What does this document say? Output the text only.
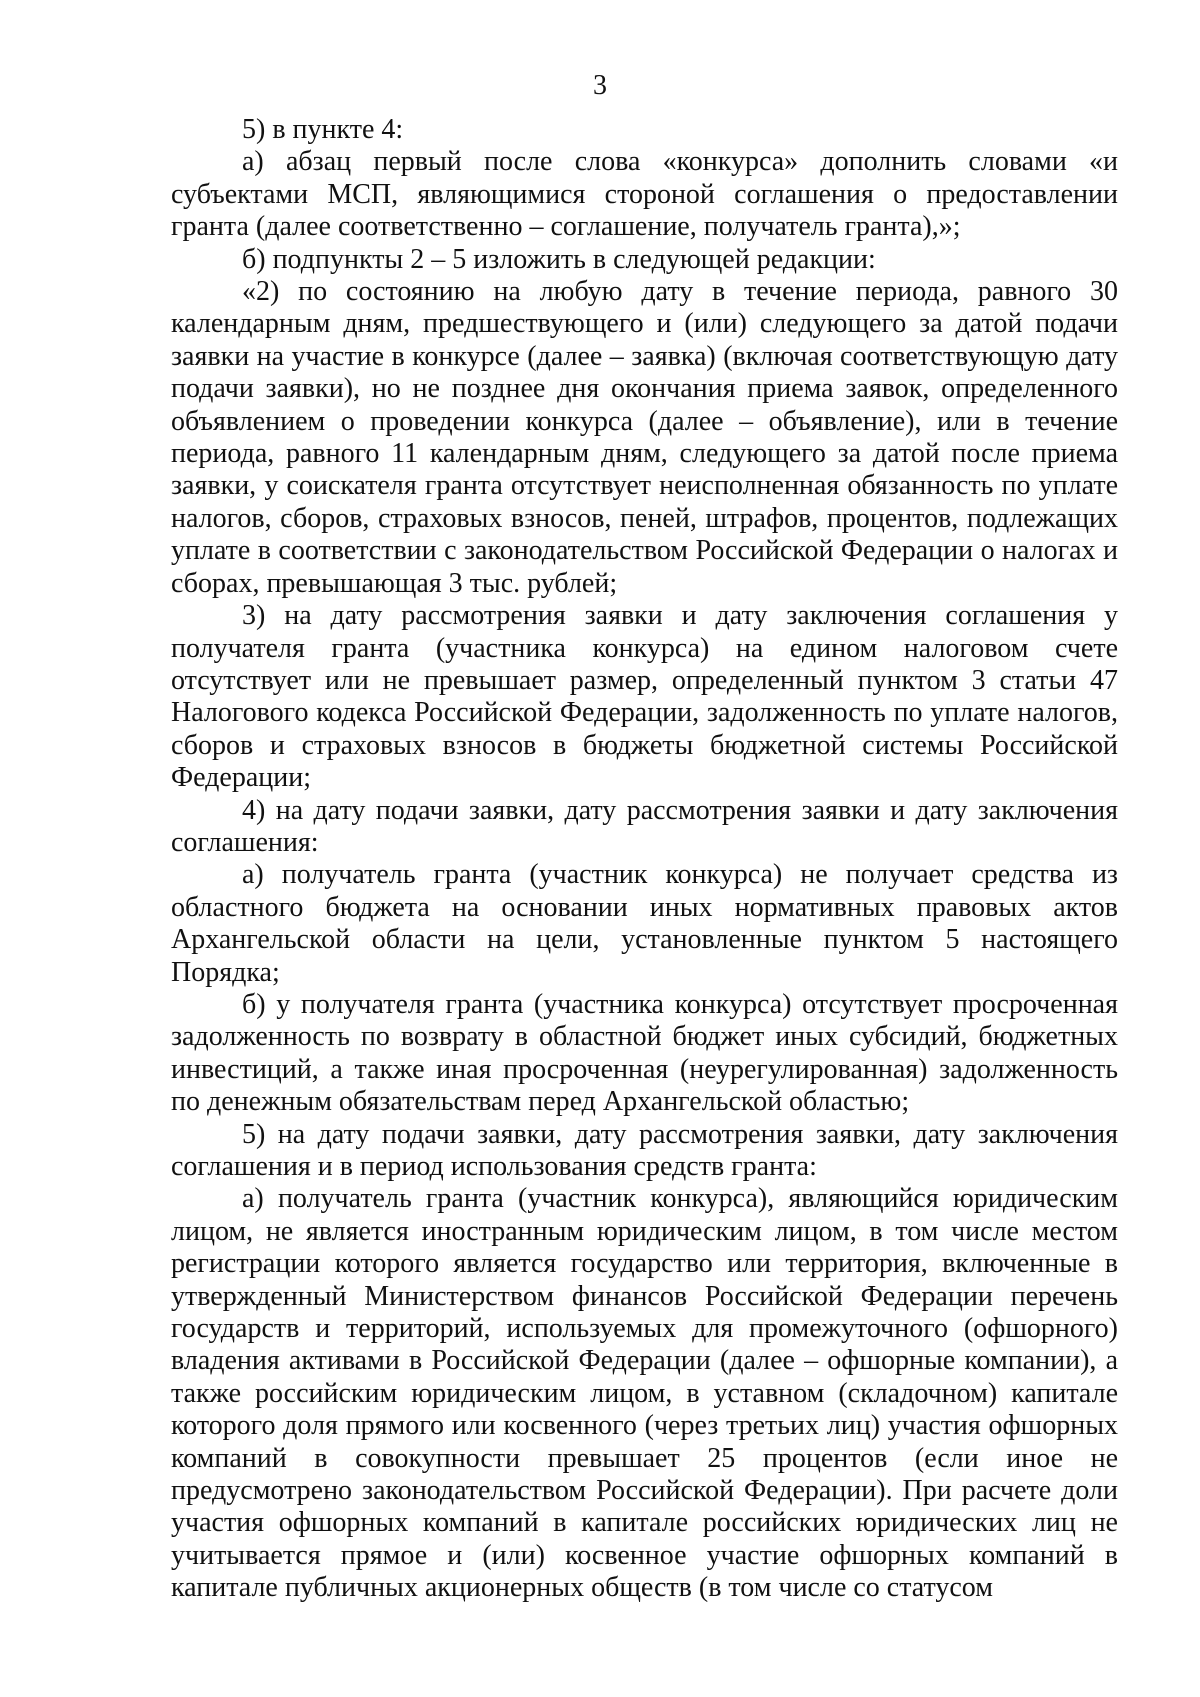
3

5) в пункте 4:

а) абзац первый после слова «конкурса» дополнить словами «и субъектами МСП, являющимися стороной соглашения о предоставлении гранта (далее соответственно – соглашение, получатель гранта),»;

б) подпункты 2 – 5 изложить в следующей редакции:

«2) по состоянию на любую дату в течение периода, равного 30 календарным дням, предшествующего и (или) следующего за датой подачи заявки на участие в конкурсе (далее – заявка) (включая соответствующую дату подачи заявки), но не позднее дня окончания приема заявок, определенного объявлением о проведении конкурса (далее – объявление), или в течение периода, равного 11 календарным дням, следующего за датой после приема заявки, у соискателя гранта отсутствует неисполненная обязанность по уплате налогов, сборов, страховых взносов, пеней, штрафов, процентов, подлежащих уплате в соответствии с законодательством Российской Федерации о налогах и сборах, превышающая 3 тыс. рублей;

3) на дату рассмотрения заявки и дату заключения соглашения у получателя гранта (участника конкурса) на едином налоговом счете отсутствует или не превышает размер, определенный пунктом 3 статьи 47 Налогового кодекса Российской Федерации, задолженность по уплате налогов, сборов и страховых взносов в бюджеты бюджетной системы Российской Федерации;

4) на дату подачи заявки, дату рассмотрения заявки и дату заключения соглашения:

а) получатель гранта (участник конкурса) не получает средства из областного бюджета на основании иных нормативных правовых актов Архангельской области на цели, установленные пунктом 5 настоящего Порядка;

б) у получателя гранта (участника конкурса) отсутствует просроченная задолженность по возврату в областной бюджет иных субсидий, бюджетных инвестиций, а также иная просроченная (неурегулированная) задолженность по денежным обязательствам перед Архангельской областью;

5) на дату подачи заявки, дату рассмотрения заявки, дату заключения соглашения и в период использования средств гранта:

а) получатель гранта (участник конкурса), являющийся юридическим лицом, не является иностранным юридическим лицом, в том числе местом регистрации которого является государство или территория, включенные в утвержденный Министерством финансов Российской Федерации перечень государств и территорий, используемых для промежуточного (офшорного) владения активами в Российской Федерации (далее – офшорные компании), а также российским юридическим лицом, в уставном (складочном) капитале которого доля прямого или косвенного (через третьих лиц) участия офшорных компаний в совокупности превышает 25 процентов (если иное не предусмотрено законодательством Российской Федерации). При расчете доли участия офшорных компаний в капитале российских юридических лиц не учитывается прямое и (или) косвенное участие офшорных компаний в капитале публичных акционерных обществ (в том числе со статусом
